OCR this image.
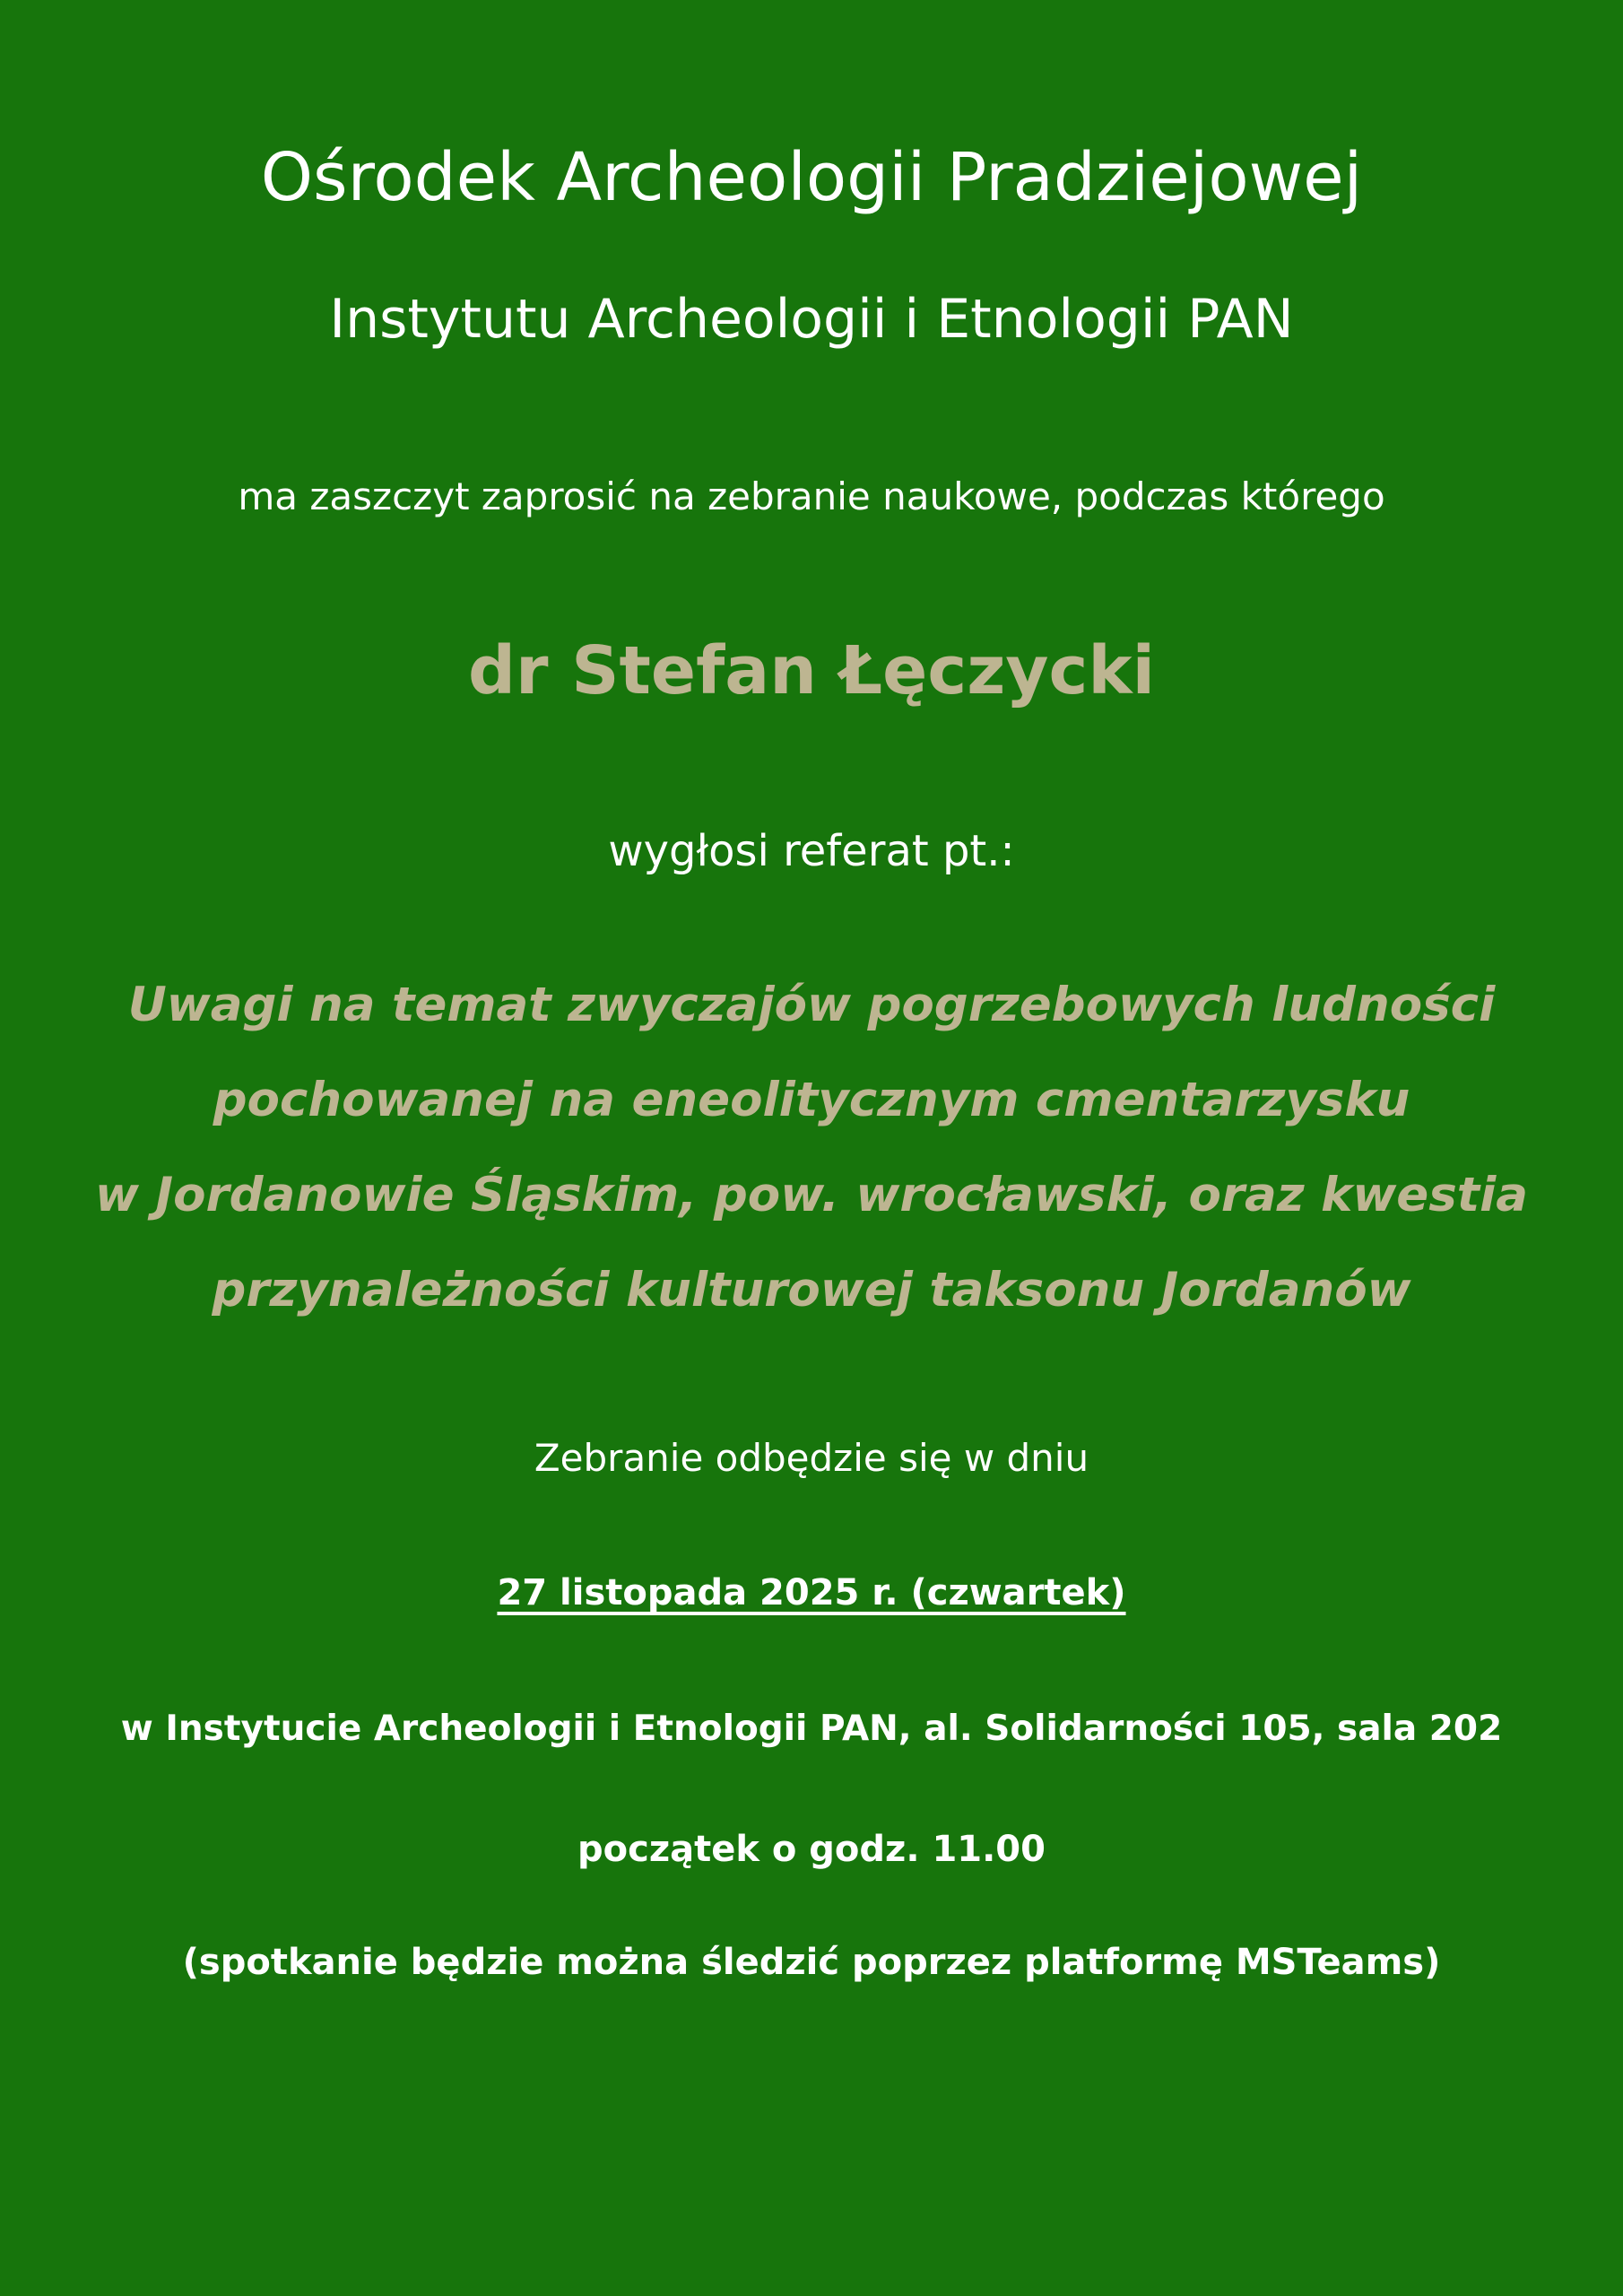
Ośrodek Archeologii Pradziejowej
Instytutu Archeologii i Etnologii PAN
ma zaszczyt zaprosić na zebranie naukowe, podczas którego
dr Stefan Łęczycki
wygłosi referat pt.:
Uwagi na temat zwyczajów pogrzebowych ludności
pochowanej na eneolitycznym cmentarzysku
w Jordanowie Śląskim, pow. wrocławski, oraz kwestia
przynależności kulturowej taksonu Jordanów
Zebranie odbędzie się w dniu
27 listopada 2025 r. (czwartek)
w Instytucie Archeologii i Etnologii PAN, al. Solidarności 105, sala 202
początek o godz. 11.00
(spotkanie będzie można śledzić poprzez platformę MSTeams)
